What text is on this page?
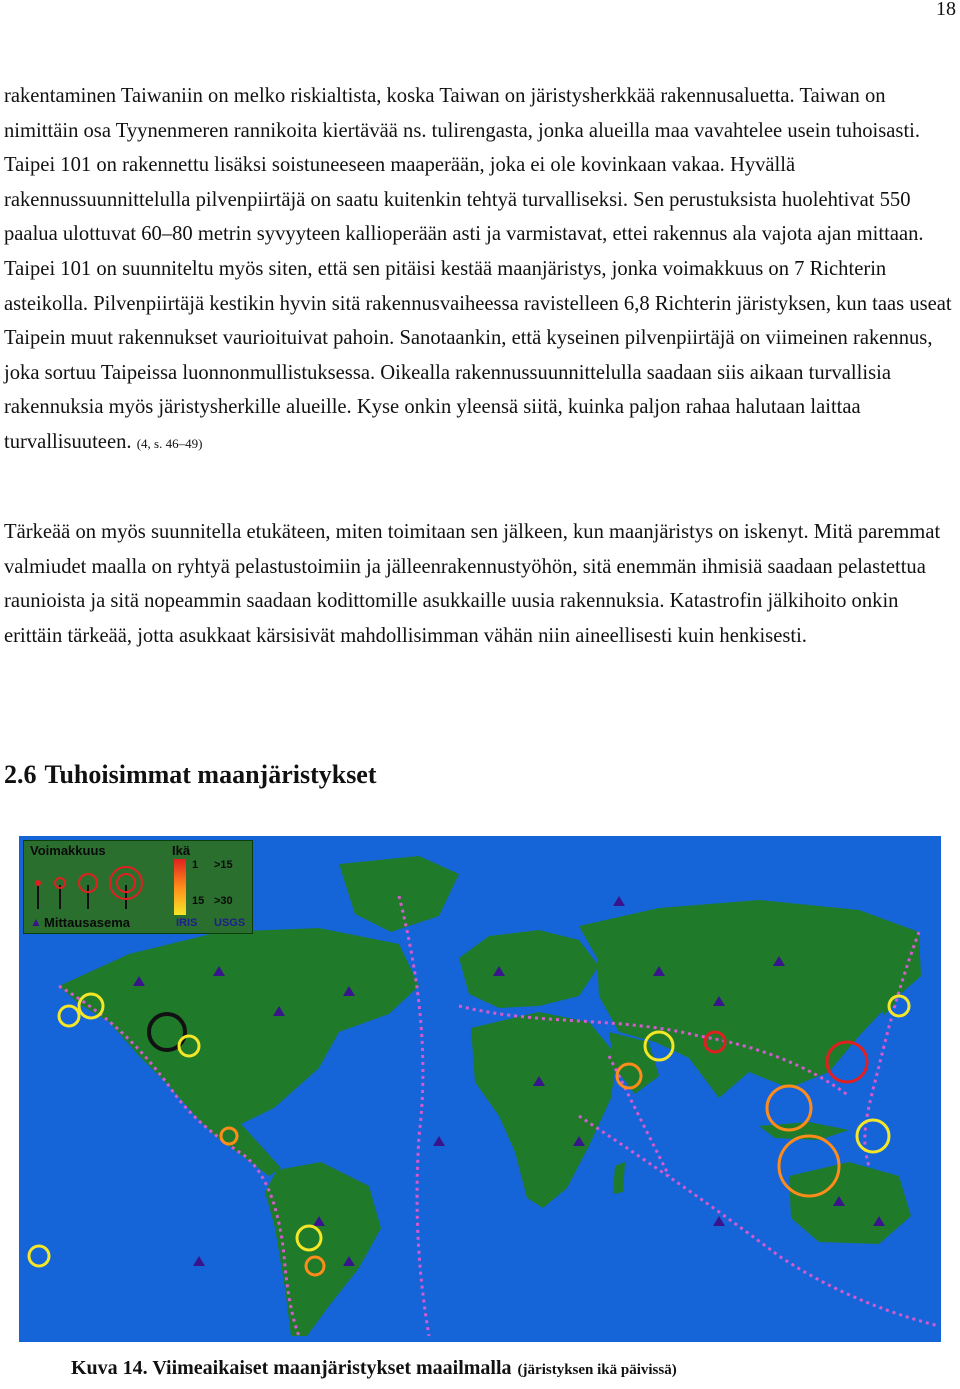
18

rakentaminen Taiwaniin on melko riskialtista, koska Taiwan on järistysherkkää rakennusaluetta. Taiwan on nimittäin osa Tyynenmeren rannikoita kiertävää ns. tulirengasta, jonka alueilla maa vavahtelee usein tuhoisasti. Taipei 101 on rakennettu lisäksi soistuneeseen maaperään, joka ei ole kovinkaan vakaa. Hyvällä rakennussuunnittelulla pilvenpiirtäjä on saatu kuitenkin tehtyä turvalliseksi. Sen perustuksista huolehtivat 550 paalua ulottuvat 60–80 metrin syvyyteen kallioperään asti ja varmistavat, ettei rakennus ala vajota ajan mittaan. Taipei 101 on suunniteltu myös siten, että sen pitäisi kestää maanjäristys, jonka voimakkuus on 7 Richterin asteikolla. Pilvenpiirtäjä kestikin hyvin sitä rakennusvaiheessa ravistelleen 6,8 Richterin järistyksen, kun taas useat Taipein muut rakennukset vaurioituivat pahoin. Sanotaankin, että kyseinen pilvenpiirtäjä on viimeinen rakennus, joka sortuu Taipeissa luonnonmullistuksessa. Oikealla rakennussuunnittelulla saadaan siis aikaan turvallisia rakennuksia myös järistysherkille alueille. Kyse onkin yleensä siitä, kuinka paljon rahaa halutaan laittaa turvallisuuteen. (4, s. 46–49)

Tärkeää on myös suunnitella etukäteen, miten toimitaan sen jälkeen, kun maanjäristys on iskenyt. Mitä paremmat valmiudet maalla on ryhtyä pelastustoimiin ja jälleenrakennustyöhön, sitä enemmän ihmisiä saadaan pelastettua raunioista ja sitä nopeammin saadaan kodittomille asukkaille uusia rakennuksia. Katastrofin jälkihoito onkin erittäin tärkeää, jotta asukkaat kärsisivät mahdollisimman vähän niin aineellisesti kuin henkisesti.

2.6 Tuhoisimmat maanjäristykset
Voimakkuus	Ikä
1 >15
15 >30
▲ Mittausasema	IRIS USGS

Kuva 14. Viimeaikaiset maanjäristykset maailmalla (järistyksen ikä päivissä)
